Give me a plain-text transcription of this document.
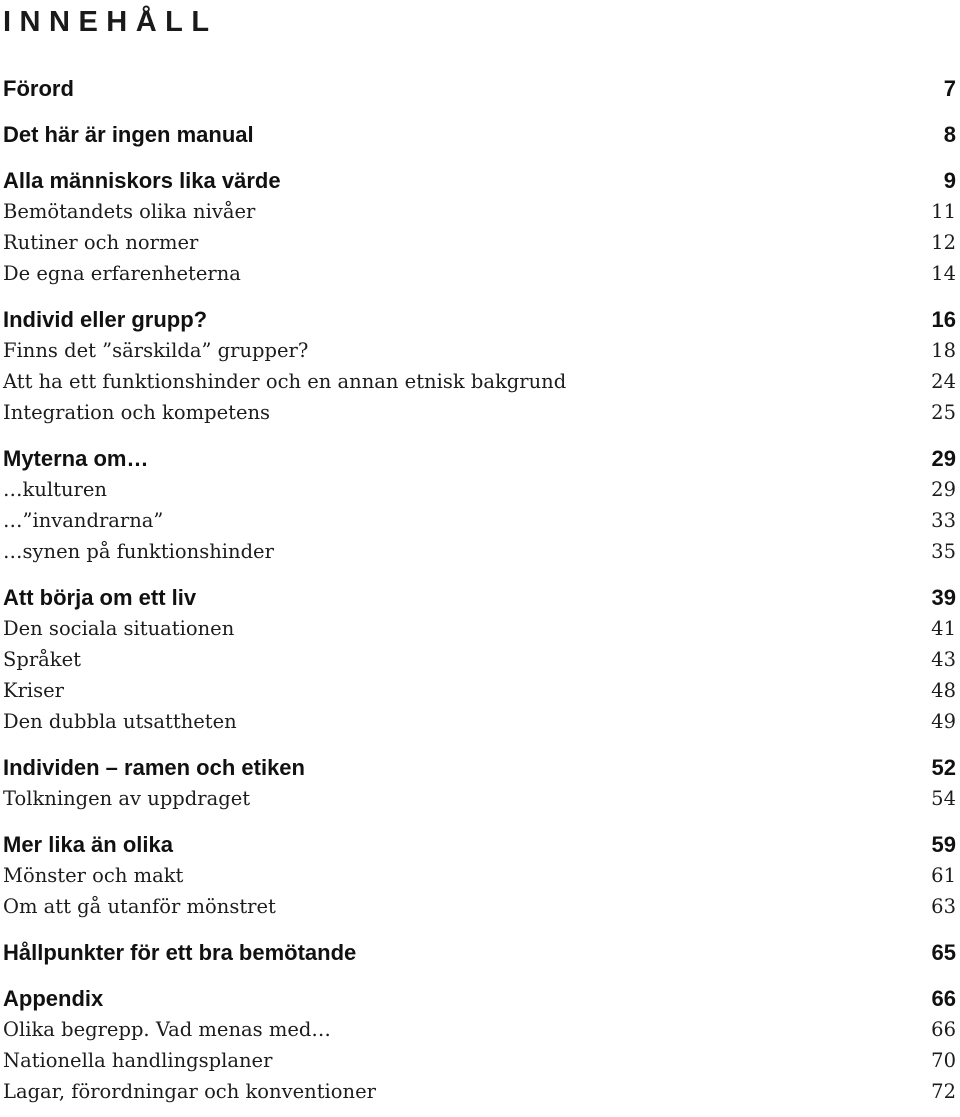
INNEHÅLL
Förord	7
Det här är ingen manual	8
Alla människors lika värde	9
Bemötandets olika nivåer	11
Rutiner och normer	12
De egna erfarenheterna	14
Individ eller grupp?	16
Finns det ”särskilda” grupper?	18
Att ha ett funktionshinder och en annan etnisk bakgrund	24
Integration och kompetens	25
Myterna om…	29
…kulturen	29
…”invandrarna”	33
…synen på funktionshinder	35
Att börja om ett liv	39
Den sociala situationen	41
Språket	43
Kriser	48
Den dubbla utsattheten	49
Individen – ramen och etiken	52
Tolkningen av uppdraget	54
Mer lika än olika	59
Mönster och makt	61
Om att gå utanför mönstret	63
Hållpunkter för ett bra bemötande	65
Appendix	66
Olika begrepp. Vad menas med…	66
Nationella handlingsplaner	70
Lagar, förordningar och konventioner	72
